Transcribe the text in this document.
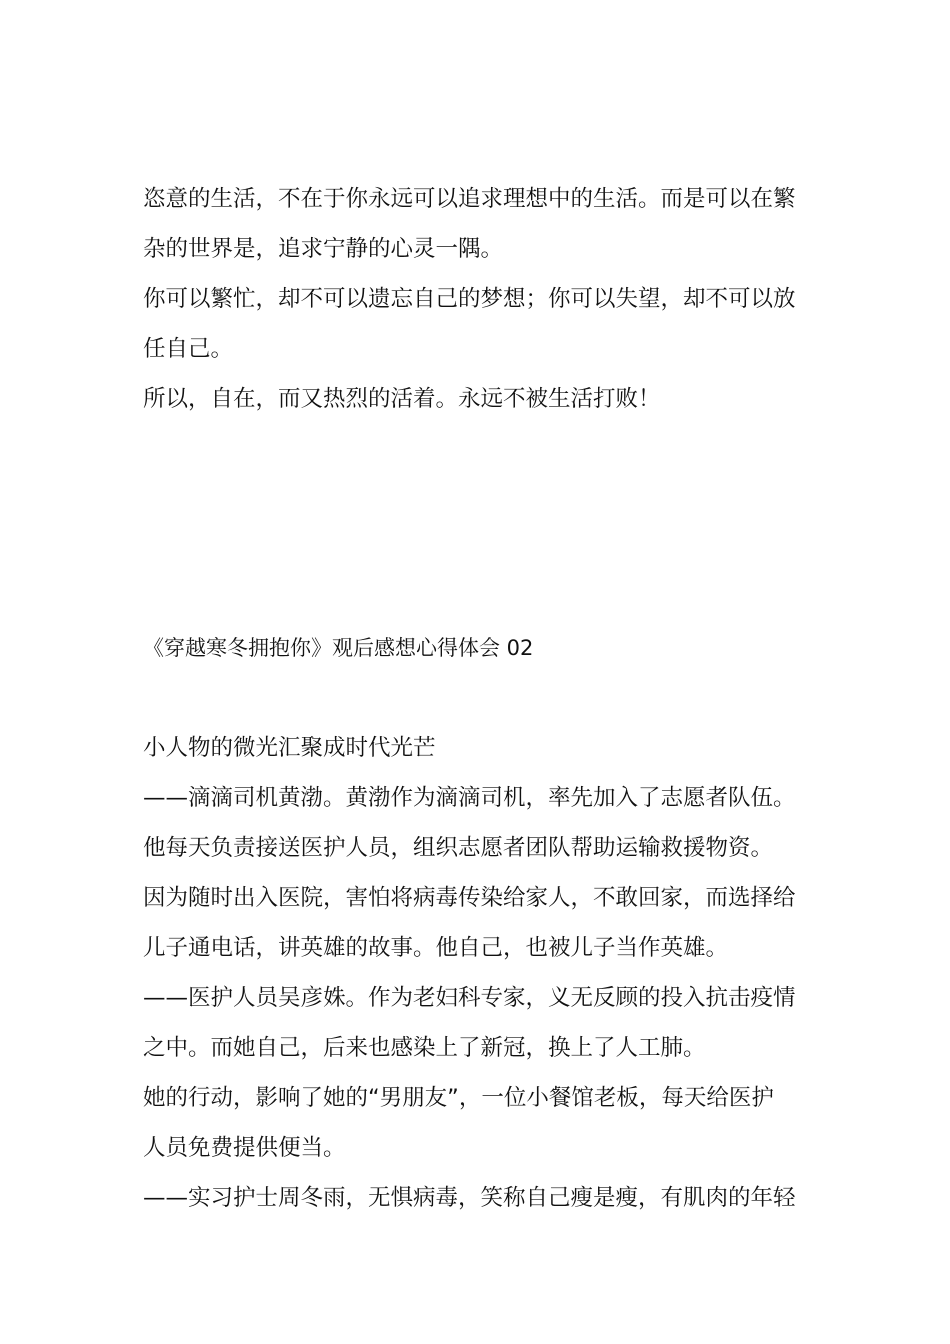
恣意的生活，不在于你永远可以追求理想中的生活。而是可以在繁
杂的世界是，追求宁静的心灵一隅。
你可以繁忙，却不可以遗忘自己的梦想；你可以失望，却不可以放
任自己。
所以，自在，而又热烈的活着。永远不被生活打败！
《穿越寒冬拥抱你》观后感想心得体会 02
小人物的微光汇聚成时代光芒
——滴滴司机黄渤。黄渤作为滴滴司机，率先加入了志愿者队伍。
他每天负责接送医护人员，组织志愿者团队帮助运输救援物资。
因为随时出入医院，害怕将病毒传染给家人，不敢回家，而选择给
儿子通电话，讲英雄的故事。他自己，也被儿子当作英雄。
——医护人员吴彦姝。作为老妇科专家，义无反顾的投入抗击疫情
之中。而她自己，后来也感染上了新冠，换上了人工肺。
她的行动，影响了她的“男朋友”，一位小餐馆老板，每天给医护
人员免费提供便当。
——实习护士周冬雨，无惧病毒，笑称自己瘦是瘦，有肌肉的年轻
